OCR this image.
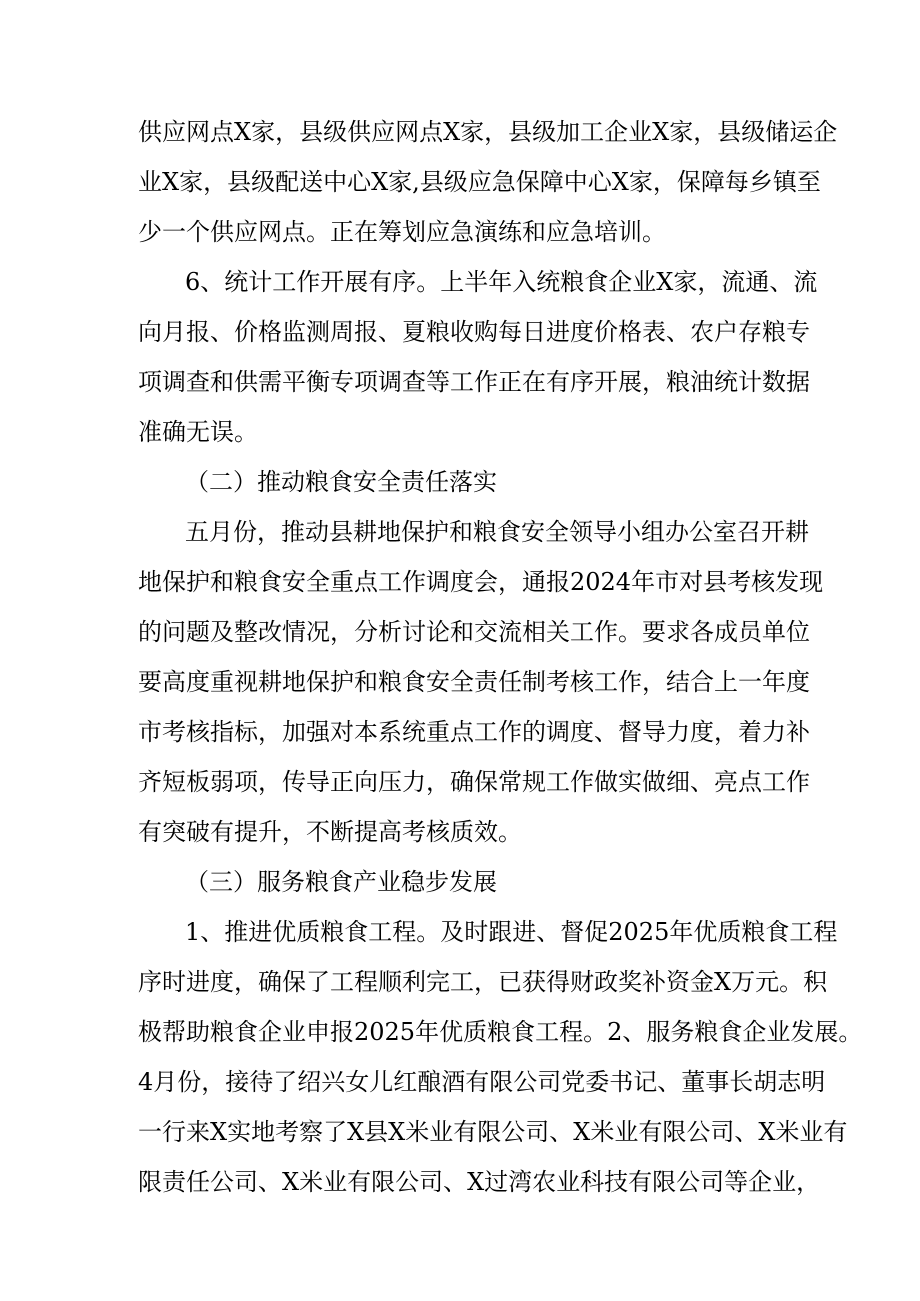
供应网点X家，县级供应网点X家，县级加工企业X家，县级储运企
业X家，县级配送中心X家,县级应急保障中心X家，保障每乡镇至
少一个供应网点。正在筹划应急演练和应急培训。
6、统计工作开展有序。上半年入统粮食企业X家，流通、流
向月报、价格监测周报、夏粮收购每日进度价格表、农户存粮专
项调查和供需平衡专项调查等工作正在有序开展，粮油统计数据
准确无误。
（二）推动粮食安全责任落实
五月份，推动县耕地保护和粮食安全领导小组办公室召开耕
地保护和粮食安全重点工作调度会，通报2024年市对县考核发现
的问题及整改情况，分析讨论和交流相关工作。要求各成员单位
要高度重视耕地保护和粮食安全责任制考核工作，结合上一年度
市考核指标，加强对本系统重点工作的调度、督导力度，着力补
齐短板弱项，传导正向压力，确保常规工作做实做细、亮点工作
有突破有提升，不断提高考核质效。
（三）服务粮食产业稳步发展
1、推进优质粮食工程。及时跟进、督促2025年优质粮食工程
序时进度，确保了工程顺利完工，已获得财政奖补资金X万元。积
极帮助粮食企业申报2025年优质粮食工程。2、服务粮食企业发展。
4月份，接待了绍兴女儿红酿酒有限公司党委书记、董事长胡志明
一行来X实地考察了X县X米业有限公司、X米业有限公司、X米业有
限责任公司、X米业有限公司、X过湾农业科技有限公司等企业，
